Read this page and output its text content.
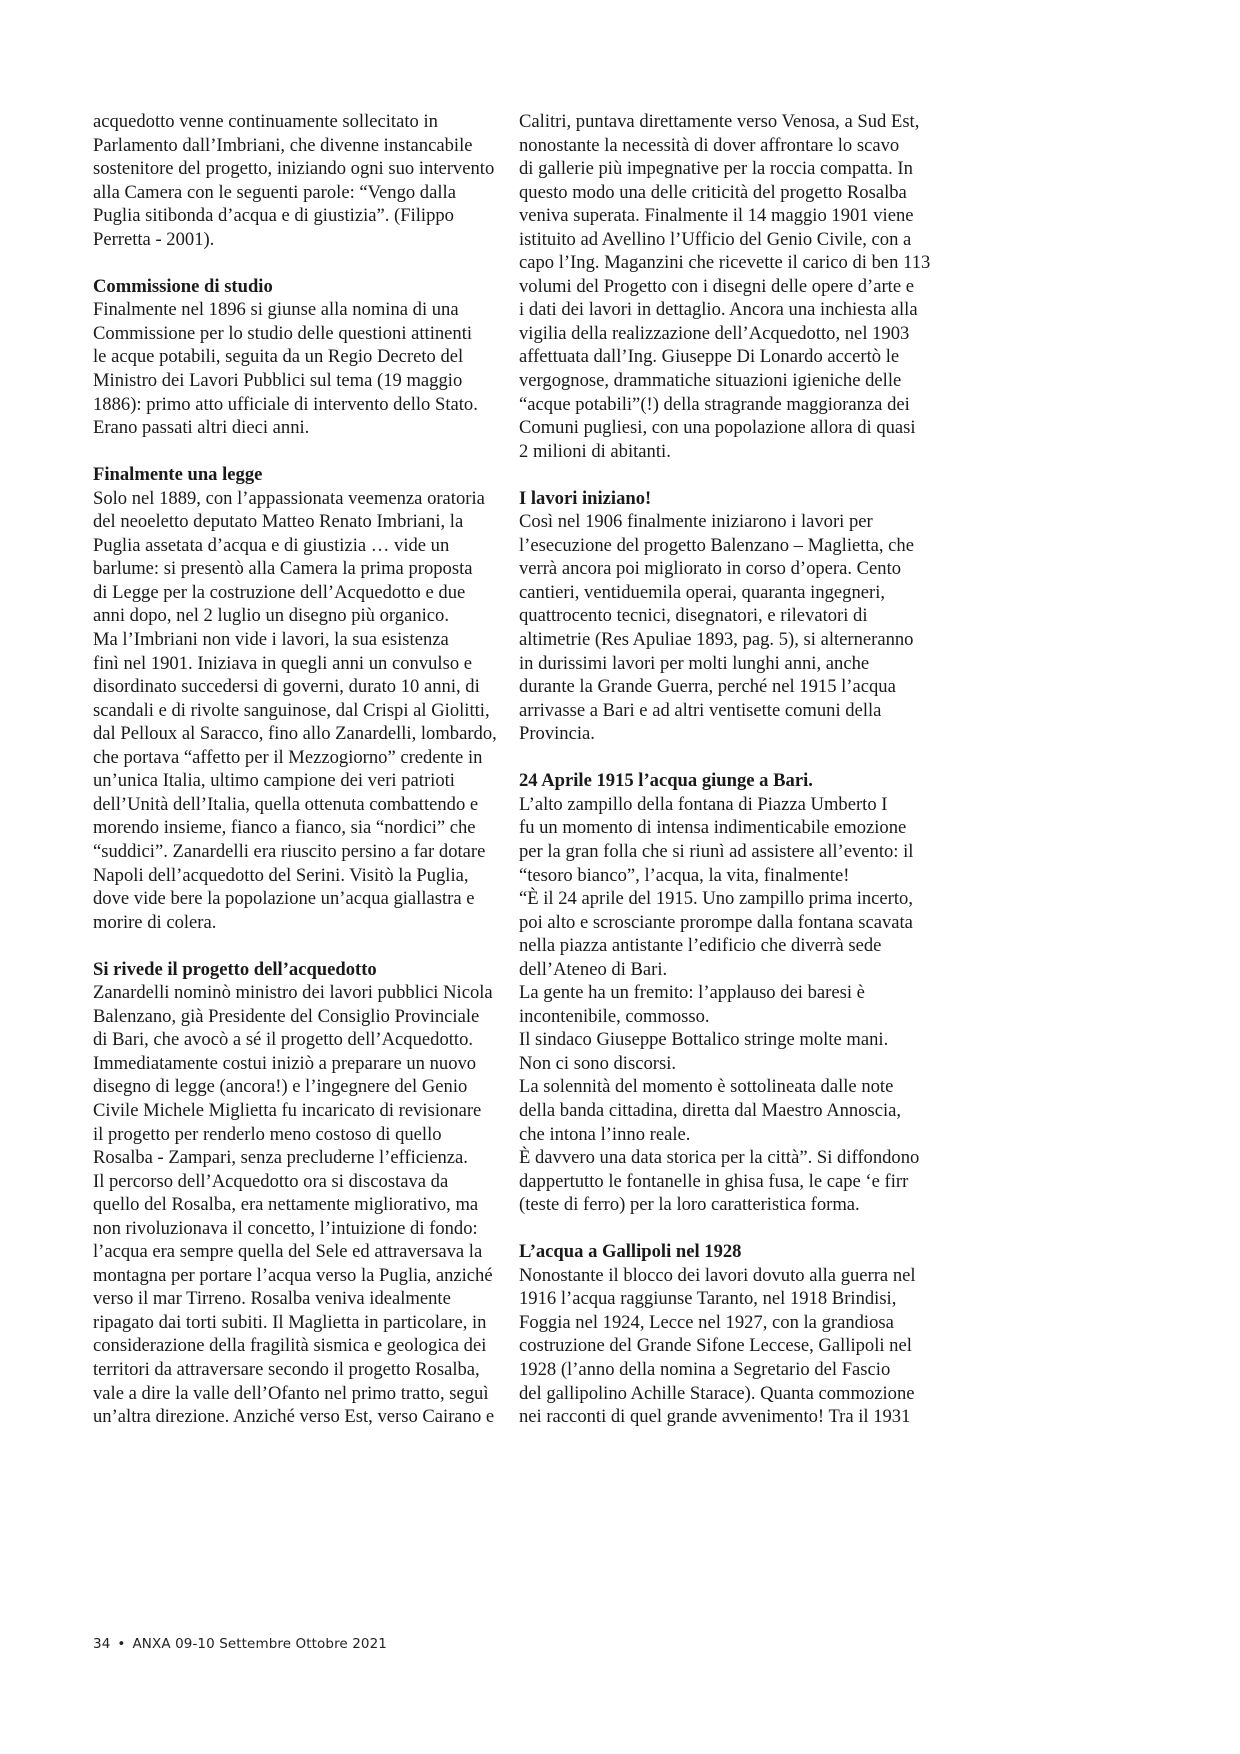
acquedotto venne continuamente sollecitato in
Parlamento dall’Imbriani, che divenne instancabile
sostenitore del progetto, iniziando ogni suo intervento
alla Camera con le seguenti parole: “Vengo dalla
Puglia sitibonda d’acqua e di giustizia”. (Filippo
Perretta - 2001).
Commissione di studio
Finalmente nel 1896 si giunse alla nomina di una
Commissione per lo studio delle questioni attinenti
le acque potabili, seguita da un Regio Decreto del
Ministro dei Lavori Pubblici sul tema (19 maggio
1886): primo atto ufficiale di intervento dello Stato.
Erano passati altri dieci anni.
Finalmente una legge
Solo nel 1889, con l’appassionata veemenza oratoria
del neoeletto deputato Matteo Renato Imbriani, la
Puglia assetata d’acqua e di giustizia … vide un
barlume: si presentò alla Camera la prima proposta
di Legge per la costruzione dell’Acquedotto e due
anni dopo, nel 2 luglio un disegno più organico.
Ma l’Imbriani non vide i lavori, la sua esistenza
finì nel 1901. Iniziava in quegli anni un convulso e
disordinato succedersi di governi, durato 10 anni, di
scandali e di rivolte sanguinose, dal Crispi al Giolitti,
dal Pelloux al Saracco, fino allo Zanardelli, lombardo,
che portava “affetto per il Mezzogiorno” credente in
un’unica Italia, ultimo campione dei veri patrioti
dell’Unità dell’Italia, quella ottenuta combattendo e
morendo insieme, fianco a fianco, sia “nordici” che
“suddici”. Zanardelli era riuscito persino a far dotare
Napoli dell’acquedotto del Serini. Visitò la Puglia,
dove vide bere la popolazione un’acqua giallastra e
morire di colera.
Si rivede il progetto dell’acquedotto
Zanardelli nominò ministro dei lavori pubblici Nicola
Balenzano, già Presidente del Consiglio Provinciale
di Bari, che avocò a sé il progetto dell’Acquedotto.
Immediatamente costui iniziò a preparare un nuovo
disegno di legge (ancora!) e l’ingegnere del Genio
Civile Michele Miglietta fu incaricato di revisionare
il progetto per renderlo meno costoso di quello
Rosalba - Zampari, senza precluderne l’efficienza.
Il percorso dell’Acquedotto ora si discostava da
quello del Rosalba, era nettamente migliorativo, ma
non rivoluzionava il concetto, l’intuizione di fondo:
l’acqua era sempre quella del Sele ed attraversava la
montagna per portare l’acqua verso la Puglia, anziché
verso il mar Tirreno. Rosalba veniva idealmente
ripagato dai torti subiti. Il Maglietta in particolare, in
considerazione della fragilità sismica e geologica dei
territori da attraversare secondo il progetto Rosalba,
vale a dire la valle dell’Ofanto nel primo tratto, seguì
un’altra direzione. Anziché verso Est, verso Cairano e
Calitri, puntava direttamente verso Venosa, a Sud Est,
nonostante la necessità di dover affrontare lo scavo
di gallerie più impegnative per la roccia compatta. In
questo modo una delle criticità del progetto Rosalba
veniva superata. Finalmente il 14 maggio 1901 viene
istituito ad Avellino l’Ufficio del Genio Civile, con a
capo l’Ing. Maganzini che ricevette il carico di ben 113
volumi del Progetto con i disegni delle opere d’arte e
i dati dei lavori in dettaglio. Ancora una inchiesta alla
vigilia della realizzazione dell’Acquedotto, nel 1903
affettuata dall’Ing. Giuseppe Di Lonardo accertò le
vergognose, drammatiche situazioni igieniche delle
“acque potabili”(!) della stragrande maggioranza dei
Comuni pugliesi, con una popolazione allora di quasi
2 milioni di abitanti.
I lavori iniziano!
Così nel 1906 finalmente iniziarono i lavori per
l’esecuzione del progetto Balenzano – Maglietta, che
verrà ancora poi migliorato in corso d’opera. Cento
cantieri, ventiduemila operai, quaranta ingegneri,
quattrocento tecnici, disegnatori, e rilevatori di
altimetrie (Res Apuliae 1893, pag. 5), si alterneranno
in durissimi lavori per molti lunghi anni, anche
durante la Grande Guerra, perché nel 1915 l’acqua
arrivasse a Bari e ad altri ventisette comuni della
Provincia.
24 Aprile 1915 l’acqua giunge a Bari.
L’alto zampillo della fontana di Piazza Umberto I
fu un momento di intensa indimenticabile emozione
per la gran folla che si riunì ad assistere all’evento: il
“tesoro bianco”, l’acqua, la vita, finalmente!
“È il 24 aprile del 1915. Uno zampillo prima incerto,
poi alto e scrosciante prorompe dalla fontana scavata
nella piazza antistante l’edificio che diverrà sede
dell’Ateneo di Bari.
La gente ha un fremito: l’applauso dei baresi è
incontenibile, commosso.
Il sindaco Giuseppe Bottalico stringe molte mani.
Non ci sono discorsi.
La solennità del momento è sottolineata dalle note
della banda cittadina, diretta dal Maestro Annoscia,
che intona l’inno reale.
È davvero una data storica per la città”. Si diffondono
dappertutto le fontanelle in ghisa fusa, le cape ‘e firr
(teste di ferro) per la loro caratteristica forma.
L’acqua a Gallipoli nel 1928
Nonostante il blocco dei lavori dovuto alla guerra nel
1916 l’acqua raggiunse Taranto, nel 1918 Brindisi,
Foggia nel 1924, Lecce nel 1927, con la grandiosa
costruzione del Grande Sifone Leccese, Gallipoli nel
1928 (l’anno della nomina a Segretario del Fascio
del gallipolino Achille Starace). Quanta commozione
nei racconti di quel grande avvenimento! Tra il 1931
34 • ANXA 09-10 Settembre Ottobre 2021
